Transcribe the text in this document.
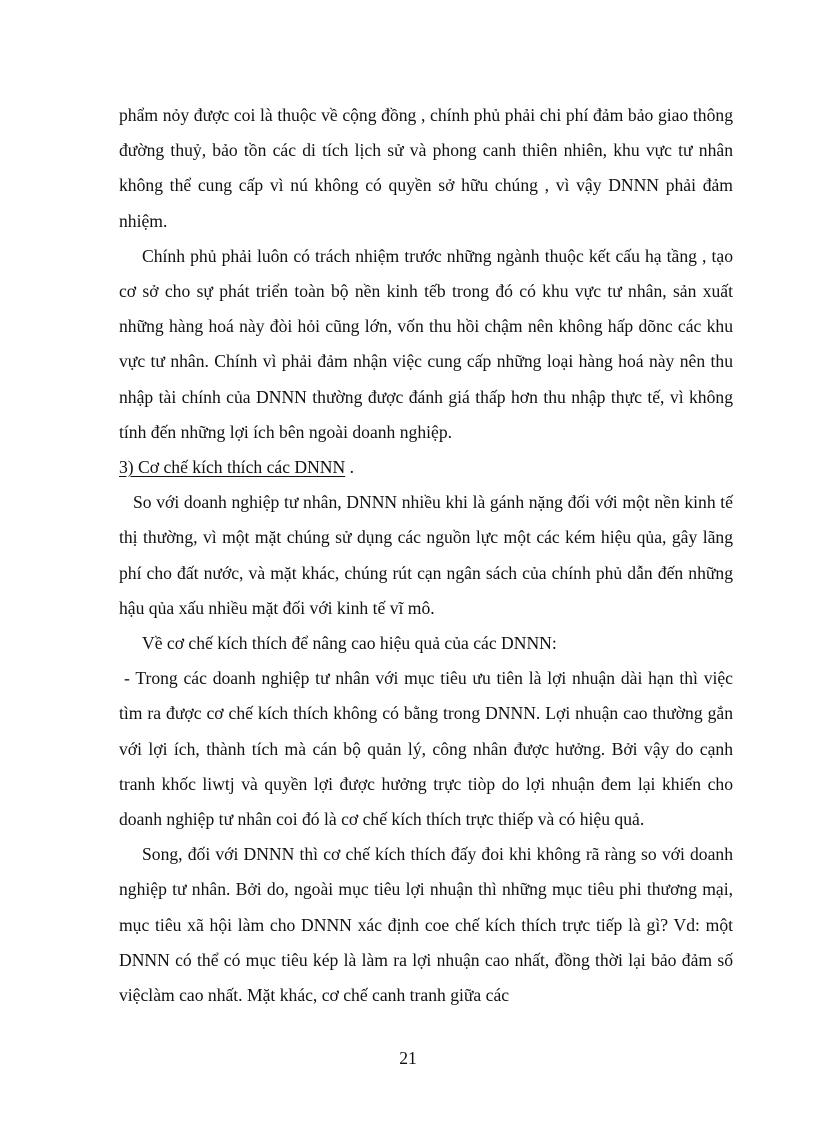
phẩm nỏy được coi là thuộc về cộng đồng , chính phủ phải chi phí đảm bảo giao thông đường thuỷ, bảo tồn các di tích lịch sử và phong canh thiên nhiên, khu vực tư nhân không thể cung cấp vì nú không có quyền sở hữu chúng , vì vậy DNNN phải đảm nhiệm.

Chính phủ phải luôn có trách nhiệm trước những ngành thuộc kết cấu hạ tầng , tạo cơ sở cho sự phát triển toàn bộ nền kinh tếb trong đó có khu vực tư nhân, sản xuất những hàng hoá này đòi hỏi cũng lớn, vốn thu hồi chậm nên không hấp dõnc các khu vực tư nhân. Chính vì phải đảm nhận việc cung cấp những loại hàng hoá này nên thu nhập tài chính của DNNN thường được đánh giá thấp hơn thu nhập thực tế, vì không tính đến những lợi ích bên ngoài doanh nghiệp.

3) Cơ chế kích thích các DNNN .

So với doanh nghiệp tư nhân, DNNN nhiều khi là gánh nặng đối với một nền kinh tế thị thường, vì một mặt chúng sử dụng các nguồn lực một các kém hiệu qủa, gây lãng phí cho đất nước, và mặt khác, chúng rút cạn ngân sách của chính phủ dẫn đến những hậu qủa xấu nhiều mặt đối với kinh tế vĩ mô.

Về cơ chế kích thích để nâng cao hiệu quả của các DNNN:

- Trong các doanh nghiệp tư nhân với mục tiêu ưu tiên là lợi nhuận dài hạn thì việc tìm ra được cơ chế kích thích không có bằng trong DNNN. Lợi nhuận cao thường gắn với lợi ích, thành tích mà cán bộ quản lý, công nhân được hưởng. Bởi vậy do cạnh tranh khốc liwtj và quyền lợi được hưởng trực tiòp do lợi nhuận đem lại khiến cho doanh nghiệp tư nhân coi đó là cơ chế kích thích trực thiếp và có hiệu quả.

Song, đối với DNNN thì cơ chế kích thích đấy đoi khi không rã ràng so với doanh nghiệp tư nhân. Bởi do, ngoài mục tiêu lợi nhuận thì những mục tiêu phi thương mại, mục tiêu xã hội làm cho DNNN xác định coe chế kích thích trực tiếp là gì? Vd: một DNNN có thể có mục tiêu kép là làm ra lợi nhuận cao nhất, đồng thời lại bảo đảm số việclàm cao nhất. Mặt khác, cơ chế canh tranh giữa các

21
